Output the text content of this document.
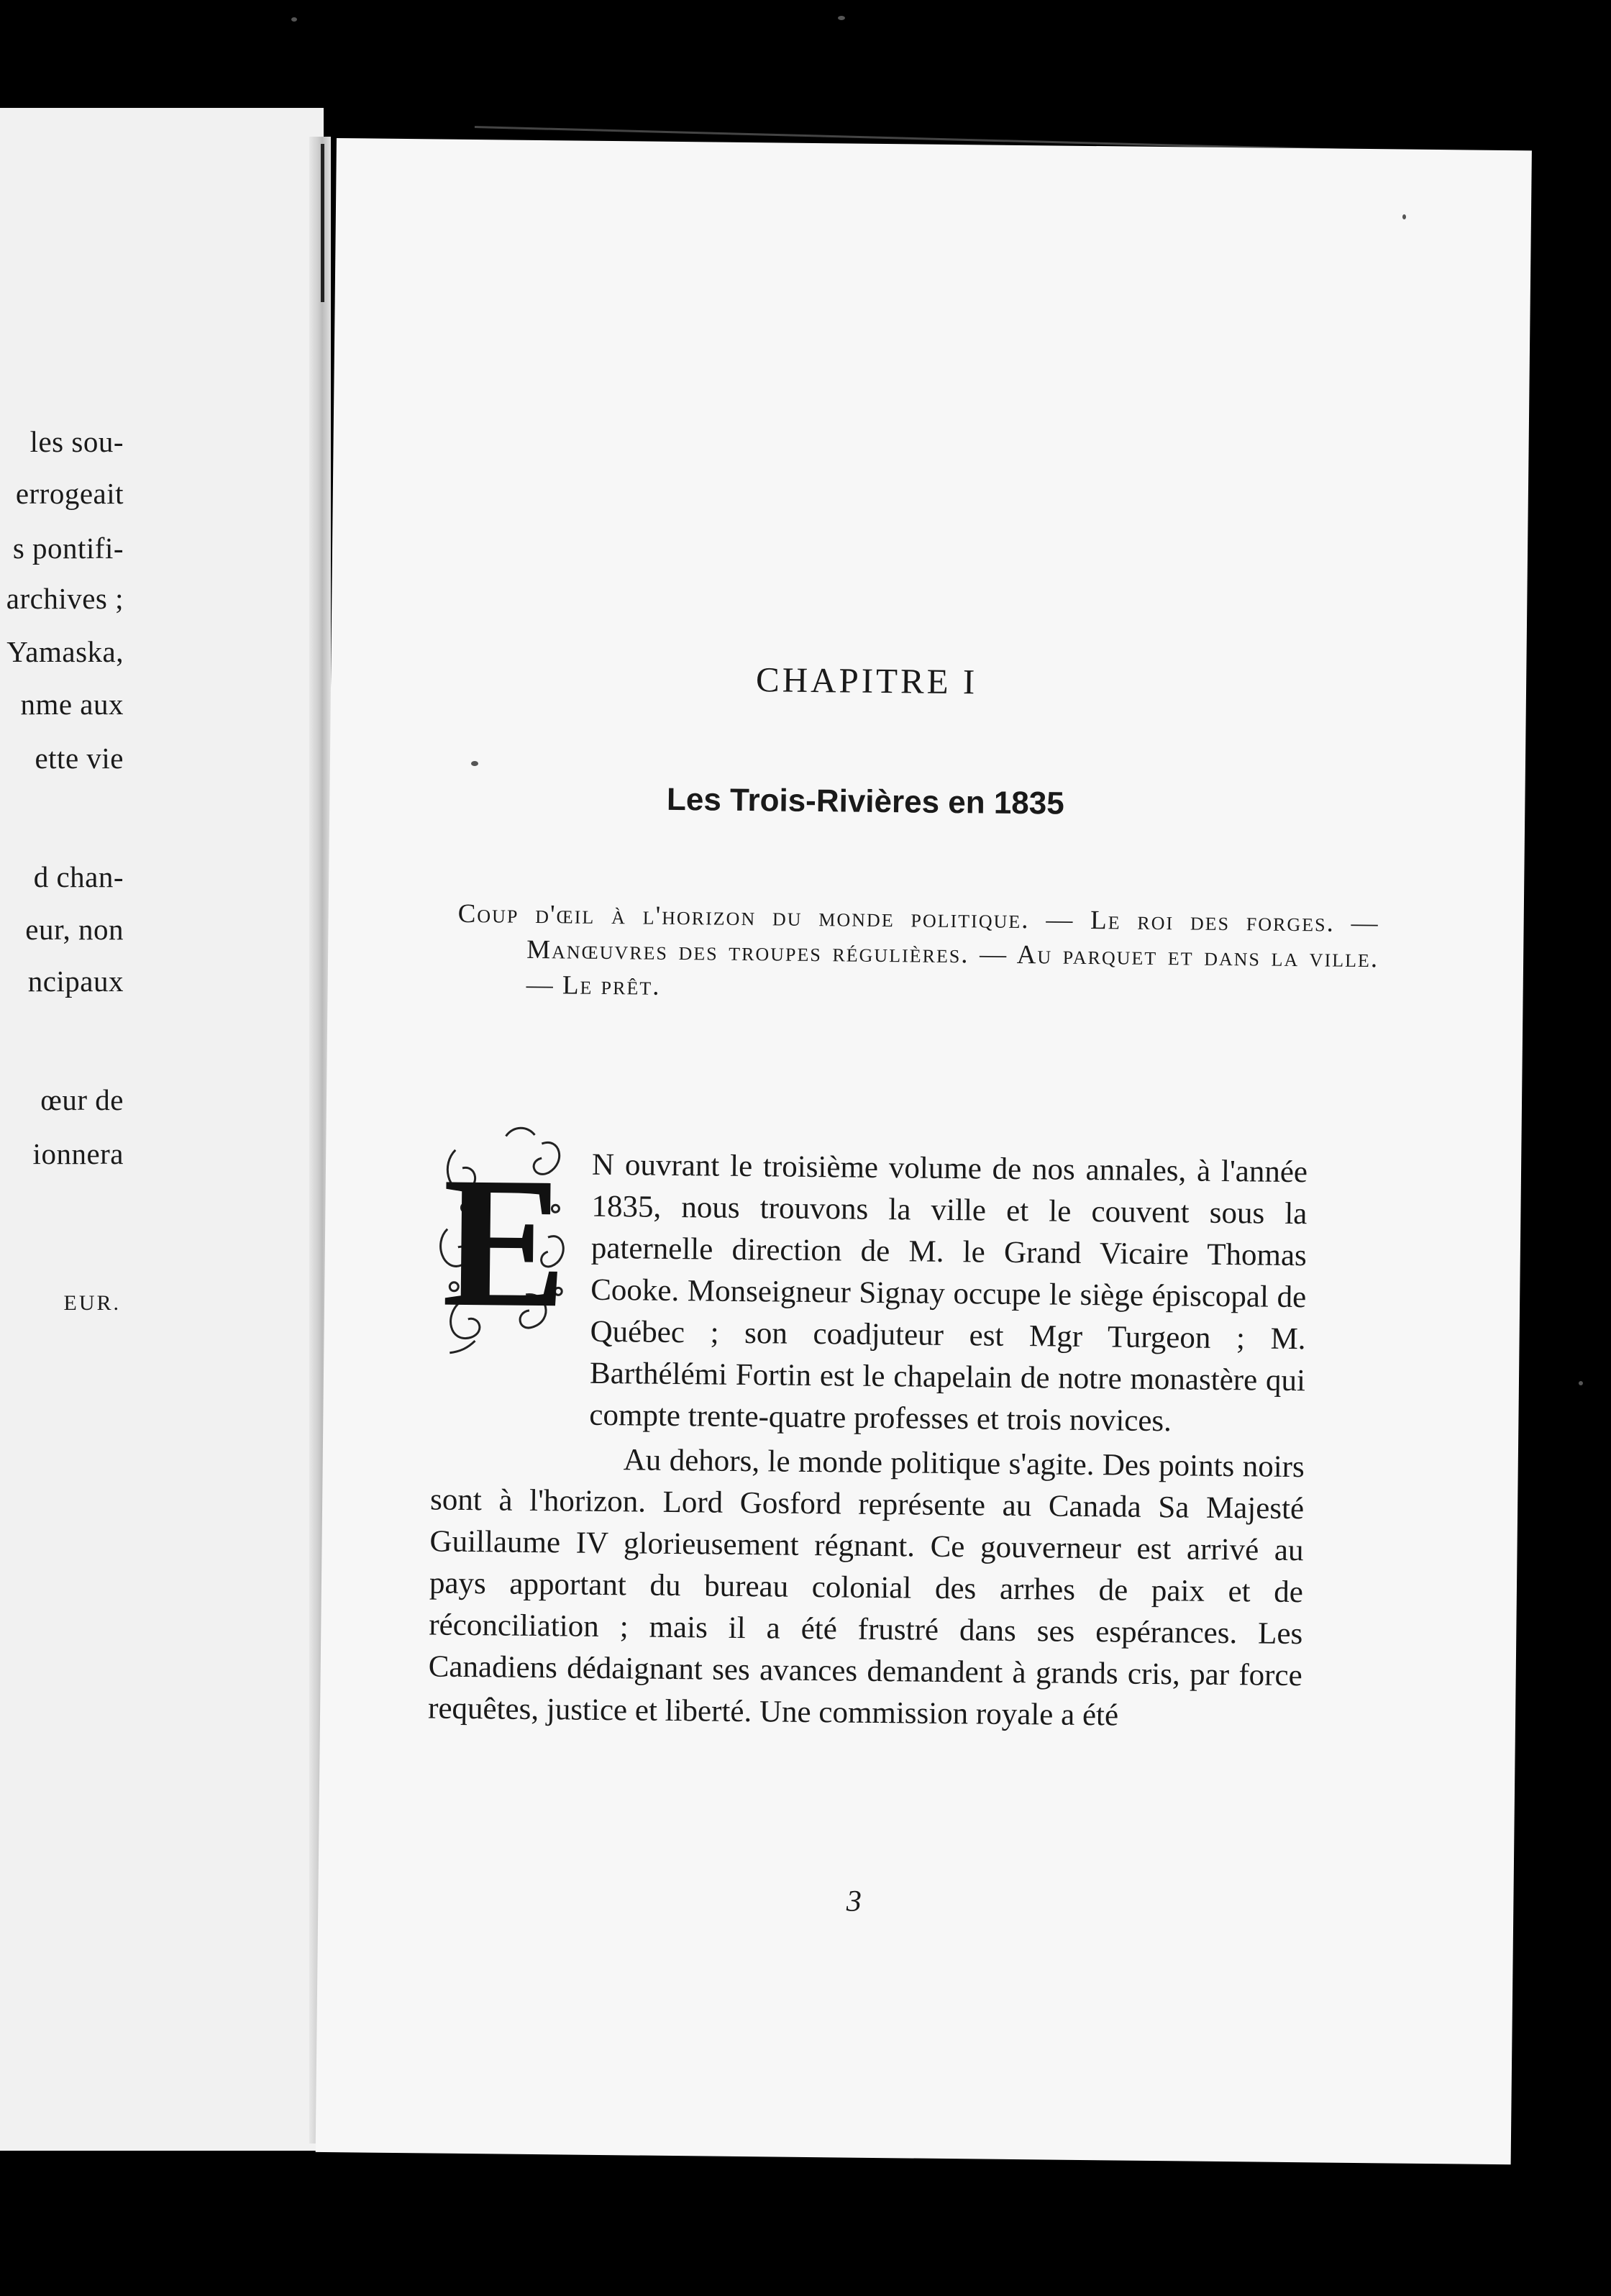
les sou-
errogeait
s pontifi-
archives ;
Yamaska,
nme aux
ette vie
d chan-
eur, non
ncipaux
œur de
ionnera
EUR.
CHAPITRE I
Les Trois-Rivières en 1835
Coup d'œil à l'horizon du monde politique. — Le roi des forges. — Manœuvres des troupes régulières. — Au parquet et dans la ville. — Le prêt.
E N ouvrant le troisième volume de nos annales, à l'année 1835, nous trouvons la ville et le couvent sous la paternelle direction de M. le Grand Vicaire Thomas Cooke. Monseigneur Signay occupe le siège épiscopal de Québec ; son coadjuteur est Mgr Turgeon ; M. Barthélémi Fortin est le chapelain de notre monastère qui compte trente-quatre professes et trois novices.

Au dehors, le monde politique s'agite. Des points noirs sont à l'horizon. Lord Gosford représente au Canada Sa Majesté Guillaume IV glorieusement régnant. Ce gouverneur est arrivé au pays apportant du bureau colonial des arrhes de paix et de réconciliation ; mais il a été frustré dans ses espérances. Les Canadiens dédaignant ses avances demandent à grands cris, par force requêtes, justice et liberté. Une commission royale a été

3
